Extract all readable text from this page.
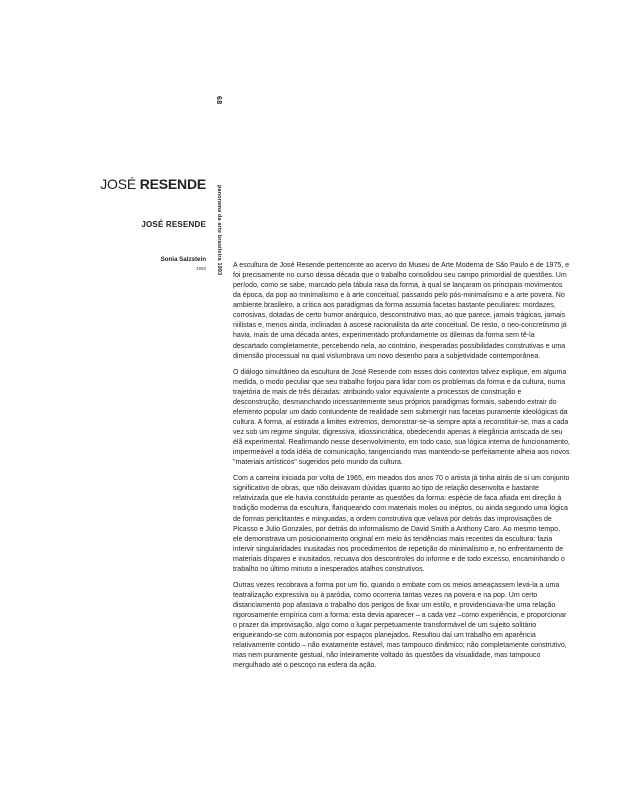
68
panorama da arte brasileira 1993
JOSÉ RESENDE
JOSÉ RESENDE
Sonia Salzstein
1993	A escultura de José Resende pertencente ao acervo do Museu de Arte Moderna de São Paulo é de 1975, e foi precisamente no curso dessa década que o trabalho consolidou seu campo primordial de questões. Um período, como se sabe, marcado pela tábula rasa da forma, à qual se lançaram os principais movimentos da época, da pop ao minimalismo e à arte conceitual, passando pelo pós-minimalismo e a arte povera. No ambiente brasileiro, a crítica aos paradigmas da forma assumia facetas bastante peculiares: mordazes, corrosivas, dotadas de certo humor anárquico, desconstrutivo mas, ao que parece, jamais trágicas, jamais niilistas e, menos ainda, inclinadas à ascese racionalista da arte conceitual. De resto, o neo-concretismo já havia, mais de uma década antes, experimentado profundamente os dilemas da forma sem tê-la descartado completamente, percebendo nela, ao contrário, inesperadas possibilidades construtivas e uma dimensão processual na qual vislumbrava um novo desenho para a subjetividade contemporânea.

O diálogo simultâneo da escultura de José Resende com esses dois contextos talvez explique, em alguma medida, o modo peculiar que seu trabalho forjou para lidar com os problemas da forma e da cultura, numa trajetória de mais de três décadas: atribuindo valor equivalente a processos de construção e desconstrução, desmanchando incessantemente seus próprios paradigmas formais, sabendo extrair do elemento popular um dado contundente de realidade sem submergir nas facetas puramente ideológicas da cultura. A forma, aí estirada a limites extremos, demonstrar-se-ia sempre apta a reconstituir-se, mas a cada vez sob um regime singular, digressiva, idiossincrática, obedecendo apenas à elegância arriscada de seu élã experimental. Reafirmando nesse desenvolvimento, em todo caso, sua lógica interna de funcionamento, impermeável a toda idéia de comunicação, tangenciando mas mantendo-se perfeitamente alheia aos novos "materiais artísticos" sugeridos pelo mundo da cultura.

Com a carreira iniciada por volta de 1965, em meados dos anos 70 o artista já tinha atrás de si um conjunto significativo de obras, que não deixavam dúvidas quanto ao tipo de relação desenvolta e bastante relativizada que ele havia constituído perante as questões da forma: espécie de faca afiada em direção à tradição moderna da escultura, flanqueando com materiais moles ou inéptos, ou ainda segundo uma lógica de formas periclitantes e minguadas, a ordem construtiva que velava por detrás das improvisações de Picasso e Julio Gonzales, por detrás do informalismo de David Smith a Anthony Caro. Ao mesmo tempo, ele demonstrava um posicionamento original em meio às tendências mais recentes da escultura: fazia intervir singularidades inusitadas nos procedimentos de repetição do minimalismo e, no enfrentamento de materiais díspares e inusitados, recuava dos descontroles do informe e de todo excesso, encaminhando o trabalho no último minuto a inesperados atalhos construtivos.

Outras vezes recobrava a forma por um fio, quando o embate com os meios ameaçassem levá-la a uma teatralização expressiva ou à paródia, como ocorreria tantas vezes na povera e na pop. Um certo distanciamento pop afastava o trabalho dos perigos de fixar um estilo, e providenciava-lhe uma relação rigorosamente empírica com a forma: esta devia aparecer – a cada vez –como experiência, e proporcionar o prazer da improvisação, algo como o lugar perpetuamente transformável de um sujeito solitário erigueirando-se com autonomia por espaços planejados. Resultou daí um trabalho em aparência relativamente contido – não exatamente estável, mas tampouco dinâmico; não completamente construtivo, mas nem puramente gestual, não inteiramente voltado às questões da visualidade, mas tampouco mergulhado até o pescoço na esfera da ação.
